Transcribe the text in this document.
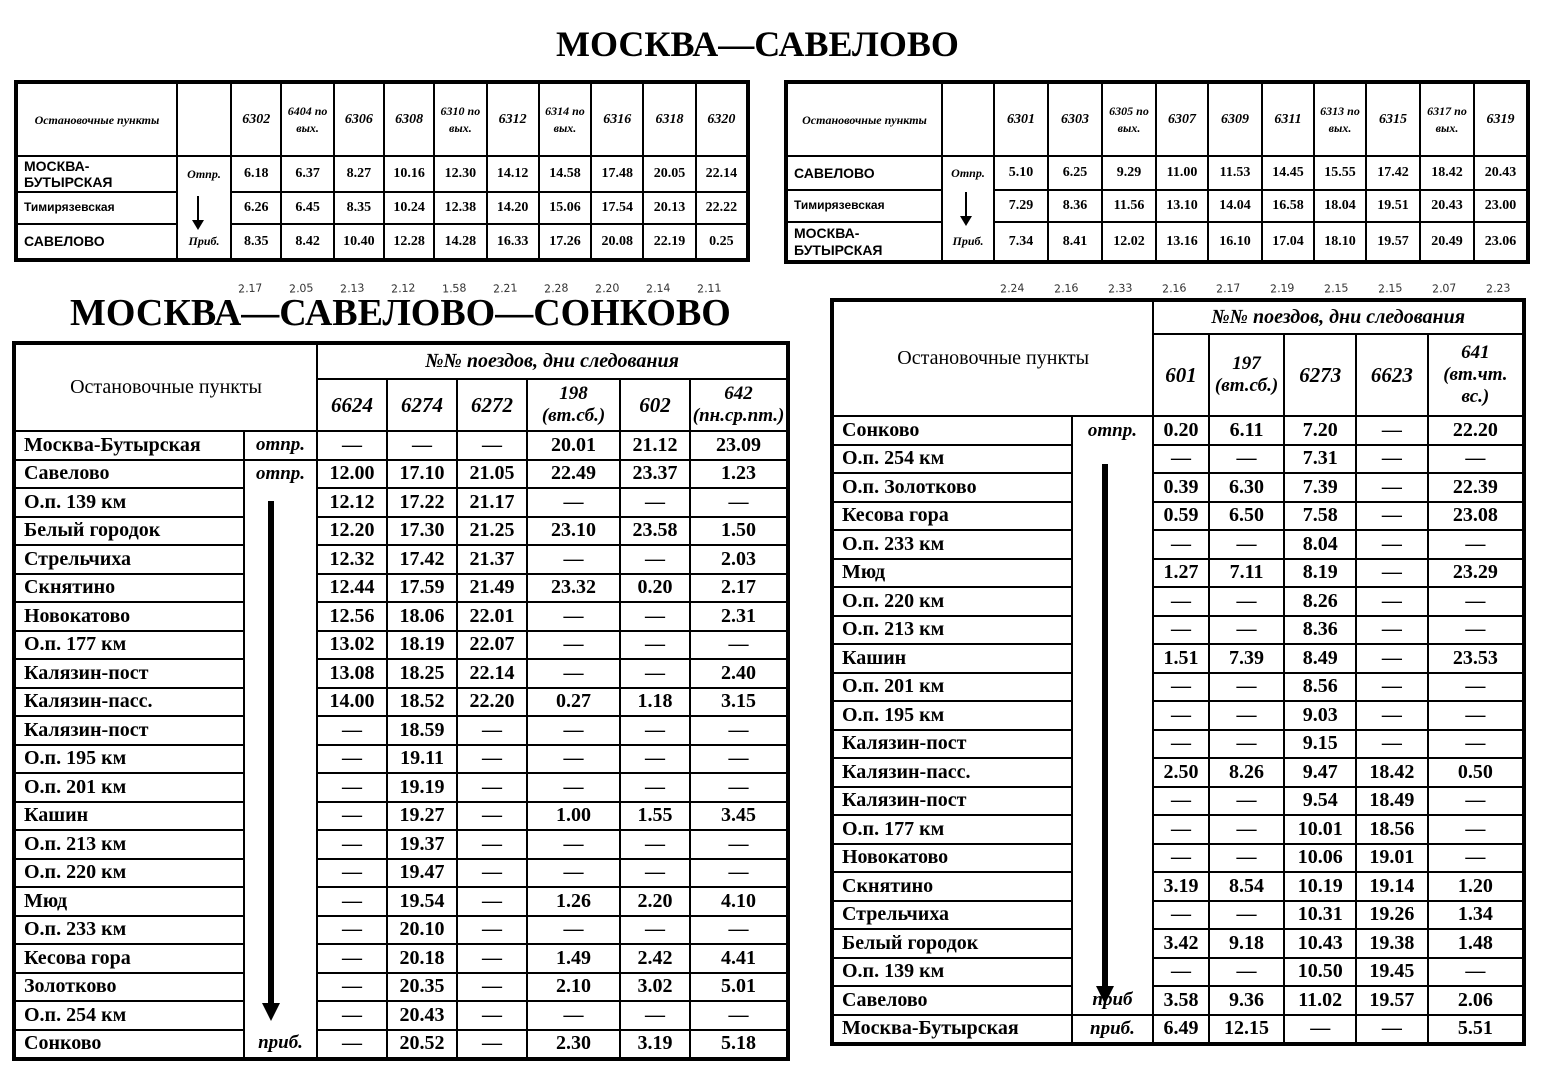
МОСКВА—САВЕЛОВО
Остановочные пункты		6302	6404 по вых.	6306	6308	6310 по вых.	6312	6314 по вых.	6316	6318	6320
МОСКВА-БУТЫРСКАЯ	Отпр.	6.18	6.37	8.27	10.16	12.30	14.12	14.58	17.48	20.05	22.14
Тимирязевская		6.26	6.45	8.35	10.24	12.38	14.20	15.06	17.54	20.13	22.22
САВЕЛОВО	Приб.	8.35	8.42	10.40	12.28	14.28	16.33	17.26	20.08	22.19	0.25
2.17 2.05 2.13 2.12 1.58 2.21 2.28 2.20 2.14 2.11
Остановочные пункты		6301	6303	6305 по вых.	6307	6309	6311	6313 по вых.	6315	6317 по вых.	6319
САВЕЛОВО	Отпр.	5.10	6.25	9.29	11.00	11.53	14.45	15.55	17.42	18.42	20.43
Тимирязевская		7.29	8.36	11.56	13.10	14.04	16.58	18.04	19.51	20.43	23.00
МОСКВА-БУТЫРСКАЯ	Приб.	7.34	8.41	12.02	13.16	16.10	17.04	18.10	19.57	20.49	23.06
2.24	2.16	2.33	2.16	2.17	2.19	2.15	2.15	2.07	2.23
МОСКВА—САВЕЛОВО—СОНКОВО
Остановочные пункты		№№ поездов, дни следования					
		6624	6274	6272	198 (вт.сб.)	602	642 (пн.ср.пт.)
Москва-Бутырская	отпр.	—	—	—	20.01	21.12	23.09
Савелово	отпр.	12.00	17.10	21.05	22.49	23.37	1.23
О.п. 139 км		12.12	17.22	21.17	—	—	—
Белый городок		12.20	17.30	21.25	23.10	23.58	1.50
Стрельчиха		12.32	17.42	21.37	—	—	2.03
Скнятино		12.44	17.59	21.49	23.32	0.20	2.17
Новокатово		12.56	18.06	22.01	—	—	2.31
О.п. 177 км		13.02	18.19	22.07	—	—	—
Калязин-пост		13.08	18.25	22.14	—	—	2.40
Калязин-пасс.		14.00	18.52	22.20	0.27	1.18	3.15
Калязин-пост		—	18.59	—	—	—	—
О.п. 195 км		—	19.11	—	—	—	—
О.п. 201 км		—	19.19	—	—	—	—
Кашин		—	19.27	—	1.00	1.55	3.45
О.п. 213 км		—	19.37	—	—	—	—
О.п. 220 км		—	19.47	—	—	—	—
Мюд		—	19.54	—	1.26	2.20	4.10
О.п. 233 км		—	20.10	—	—	—	—
Кесова гора		—	20.18	—	1.49	2.42	4.41
Золотково		—	20.35	—	2.10	3.02	5.01
О.п. 254 км		—	20.43	—	—	—	—
Сонково	приб.	—	20.52	—	2.30	3.19	5.18
Остановочные пункты		№№ поездов, дни следования				
		601	197 (вт.сб.)	6273	6623	641 (вт.чт. вс.)
Сонково	отпр.	0.20	6.11	7.20	—	22.20
О.п. 254 км		—	—	7.31	—	—
О.п. Золотково		0.39	6.30	7.39	—	22.39
Кесова гора		0.59	6.50	7.58	—	23.08
О.п. 233 км		—	—	8.04	—	—
Мюд		1.27	7.11	8.19	—	23.29
О.п. 220 км		—	—	8.26	—	—
О.п. 213 км		—	—	8.36	—	—
Кашин		1.51	7.39	8.49	—	23.53
О.п. 201 км		—	—	8.56	—	—
О.п. 195 км		—	—	9.03	—	—
Калязин-пост		—	—	9.15	—	—
Калязин-пасс.		2.50	8.26	9.47	18.42	0.50
Калязин-пост		—	—	9.54	18.49	—
О.п. 177 км		—	—	10.01	18.56	—
Новокатово		—	—	10.06	19.01	—
Скнятино		3.19	8.54	10.19	19.14	1.20
Стрельчиха		—	—	10.31	19.26	1.34
Белый городок		3.42	9.18	10.43	19.38	1.48
О.п. 139 км		—	—	10.50	19.45	—
Савелово	приб	3.58	9.36	11.02	19.57	2.06
Москва-Бутырская	приб.	6.49	12.15	—	—	5.51
